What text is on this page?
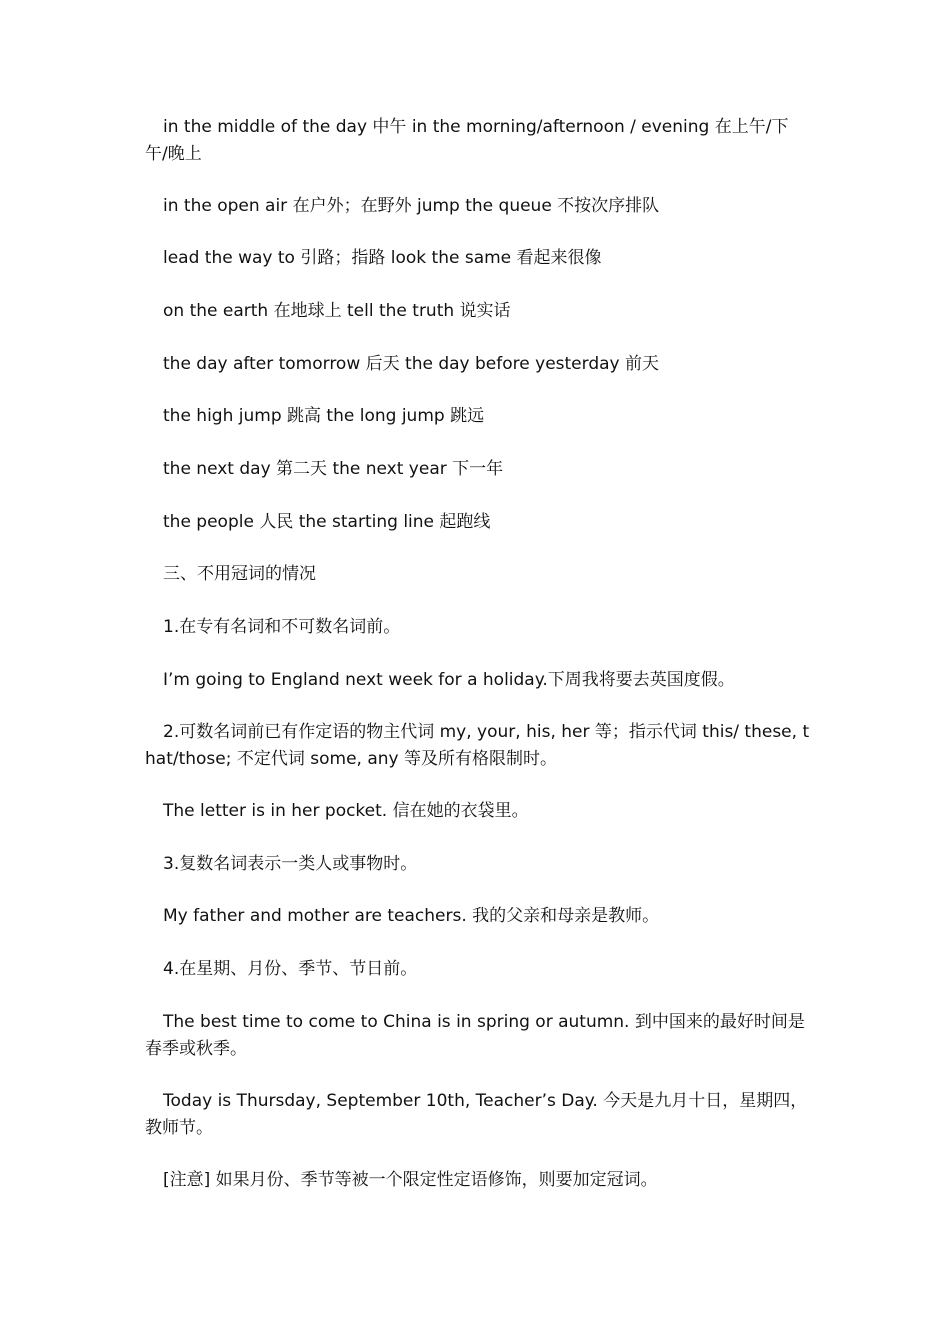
in the middle of the day 中午 in the morning/afternoon / evening 在上午/下午/晚上

in the open air 在户外；在野外 jump the queue 不按次序排队

lead the way to 引路；指路 look the same 看起来很像

on the earth 在地球上 tell the truth 说实话

the day after tomorrow 后天 the day before yesterday 前天

the high jump 跳高 the long jump 跳远

the next day 第二天 the next year 下一年

the people 人民 the starting line 起跑线

三、不用冠词的情况

1.在专有名词和不可数名词前。

I’m going to England next week for a holiday.下周我将要去英国度假。

2.可数名词前已有作定语的物主代词 my, your, his, her 等；指示代词 this/ these, that/those; 不定代词 some, any 等及所有格限制时。

The letter is in her pocket. 信在她的衣袋里。

3.复数名词表示一类人或事物时。

My father and mother are teachers. 我的父亲和母亲是教师。

4.在星期、月份、季节、节日前。

The best time to come to China is in spring or autumn. 到中国来的最好时间是春季或秋季。

Today is Thursday, September 10th, Teacher’s Day. 今天是九月十日，星期四，教师节。

[注意] 如果月份、季节等被一个限定性定语修饰，则要加定冠词。
